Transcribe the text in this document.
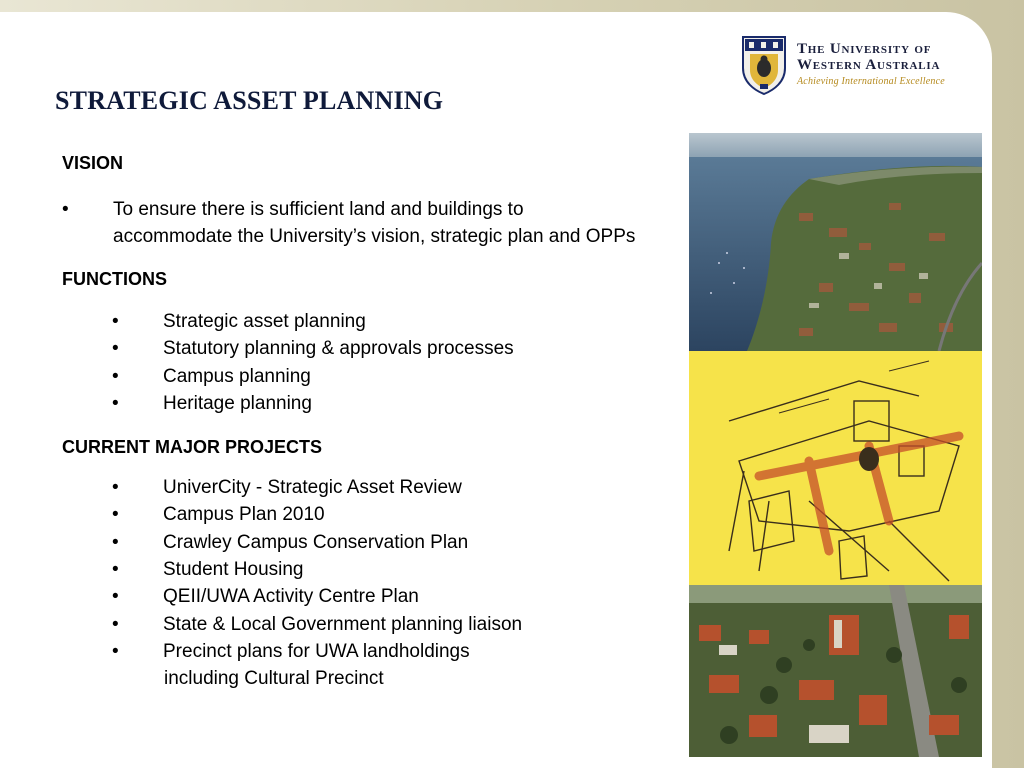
The University of
Western Australia
Achieving International Excellence
STRATEGIC ASSET PLANNING

VISION

•	To ensure there is sufficient land and buildings to accommodate the University’s vision, strategic plan and OPPs

FUNCTIONS

•	Strategic asset planning
•	Statutory planning & approvals processes
•	Campus planning
•	Heritage planning

CURRENT MAJOR PROJECTS

•	UniverCity - Strategic Asset Review
•	Campus Plan 2010
•	Crawley Campus Conservation Plan
•	Student Housing
•	QEII/UWA Activity Centre Plan
•	State & Local Government planning liaison
•	Precinct plans for UWA landholdings
including Cultural Precinct
